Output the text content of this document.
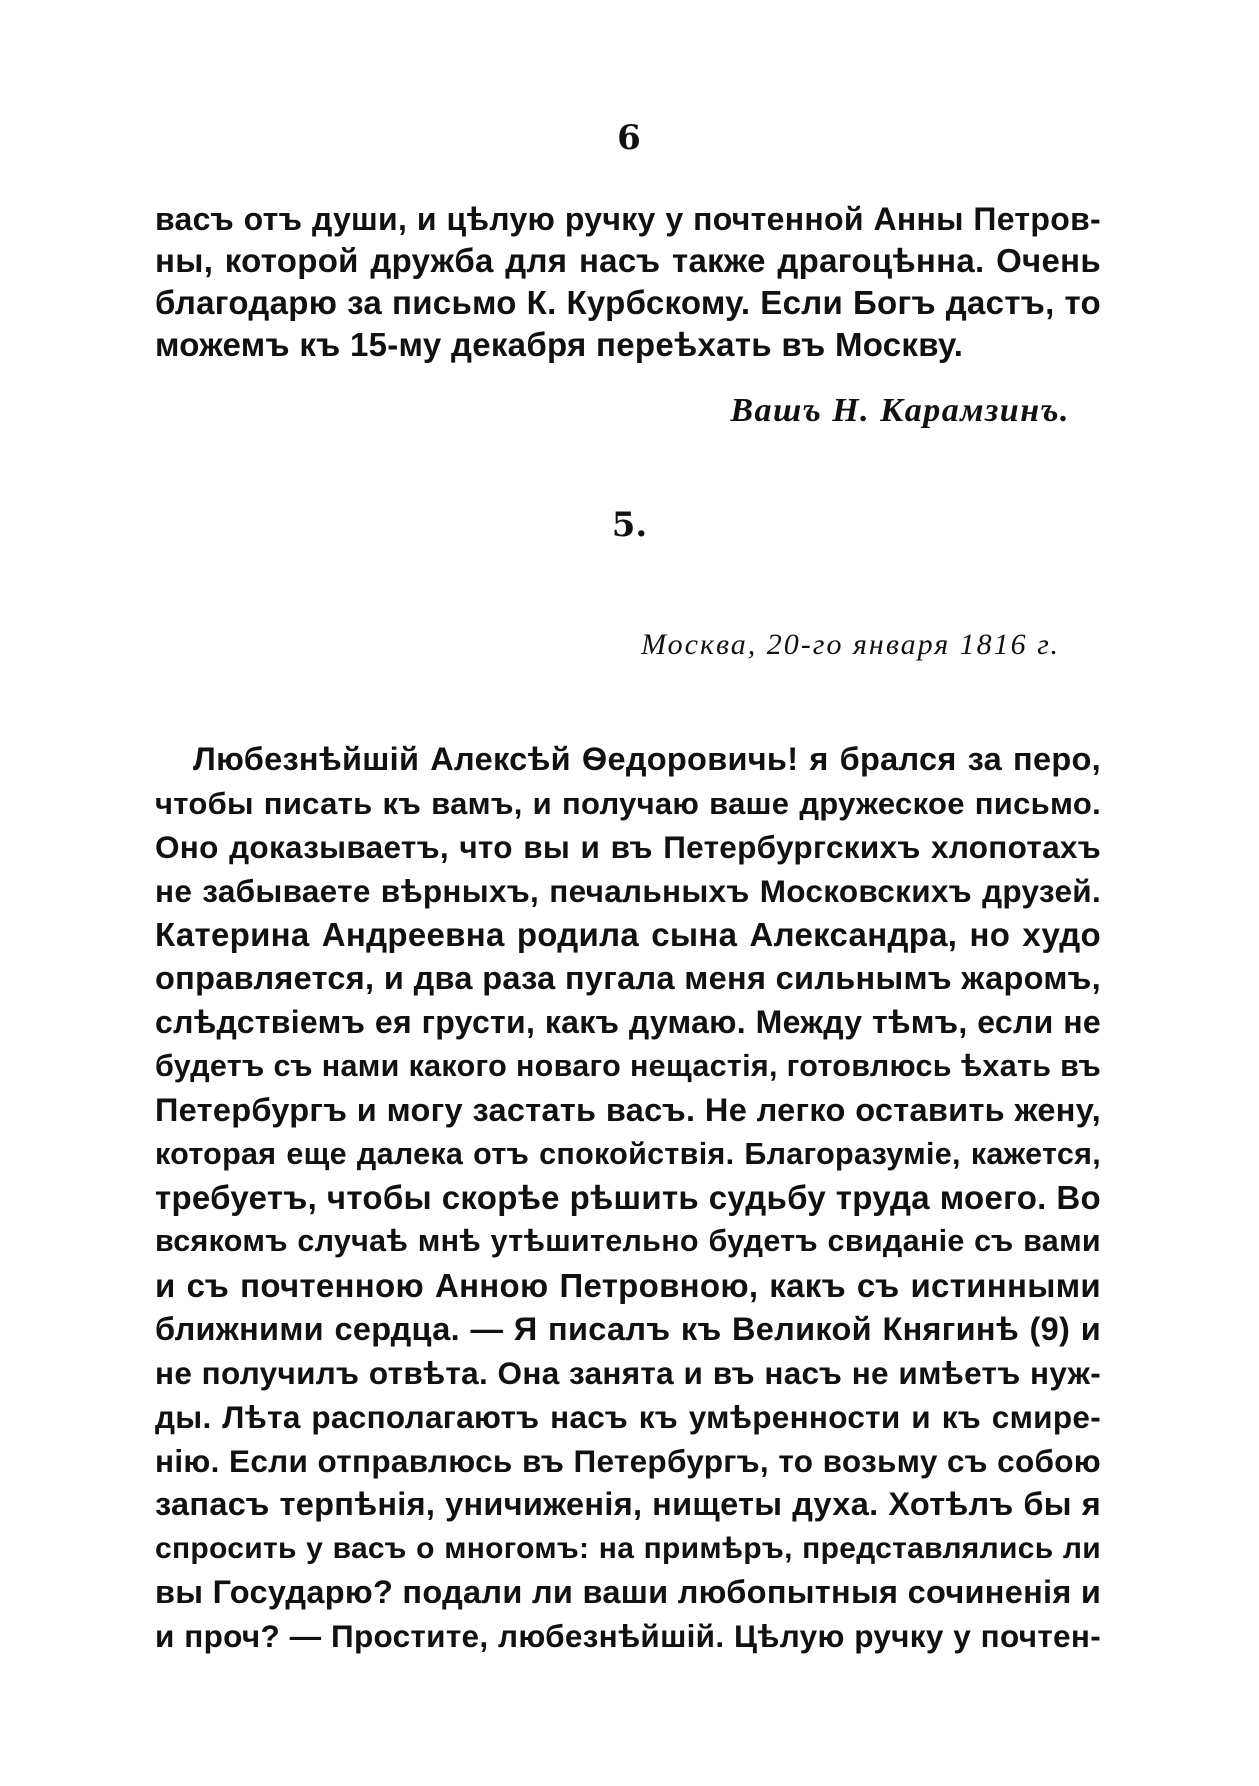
6
васъ отъ души, и цѣлую ручку у почтенной Анны Петров-
ны, которой дружба для насъ также драгоцѣнна. Очень
благодарю за письмо К. Курбскому. Если Богъ дастъ, то
можемъ къ 15-му декабря переѣхать въ Москву.
Вашъ Н. Карамзинъ.
5.
Москва, 20-го января 1816 г.
Любезнѣйшій Алексѣй Ѳедоровичь! я брался за перо,
чтобы писать къ вамъ, и получаю ваше дружеское письмо.
Оно доказываетъ, что вы и въ Петербургскихъ хлопотахъ
не забываете вѣрныхъ, печальныхъ Московскихъ друзей.
Катерина Андреевна родила сына Александра, но худо
оправляется, и два раза пугала меня сильнымъ жаромъ,
слѣдствіемъ ея грусти, какъ думаю. Между тѣмъ, если не
будетъ съ нами какого новаго нещастія, готовлюсь ѣхать въ
Петербургъ и могу застать васъ. Не легко оставить жену,
которая еще далека отъ спокойствія. Благоразуміе, кажется,
требуетъ, чтобы скорѣе рѣшить судьбу труда моего. Во
всякомъ случаѣ мнѣ утѣшительно будетъ свиданіе съ вами
и съ почтенною Анною Петровною, какъ съ истинными
ближними сердца. — Я писалъ къ Великой Княгинѣ (9) и
не получилъ отвѣта. Она занята и въ насъ не имѣетъ нуж-
ды. Лѣта располагаютъ насъ къ умѣренности и къ смире-
нію. Если отправлюсь въ Петербургъ, то возьму съ собою
запасъ терпѣнія, уничиженія, нищеты духа. Хотѣлъ бы я
спросить у васъ о многомъ: на примѣръ, представлялись ли
вы Государю? подали ли ваши любопытныя сочиненія и
и проч? — Простите, любезнѣйшій. Цѣлую ручку у почтен-
